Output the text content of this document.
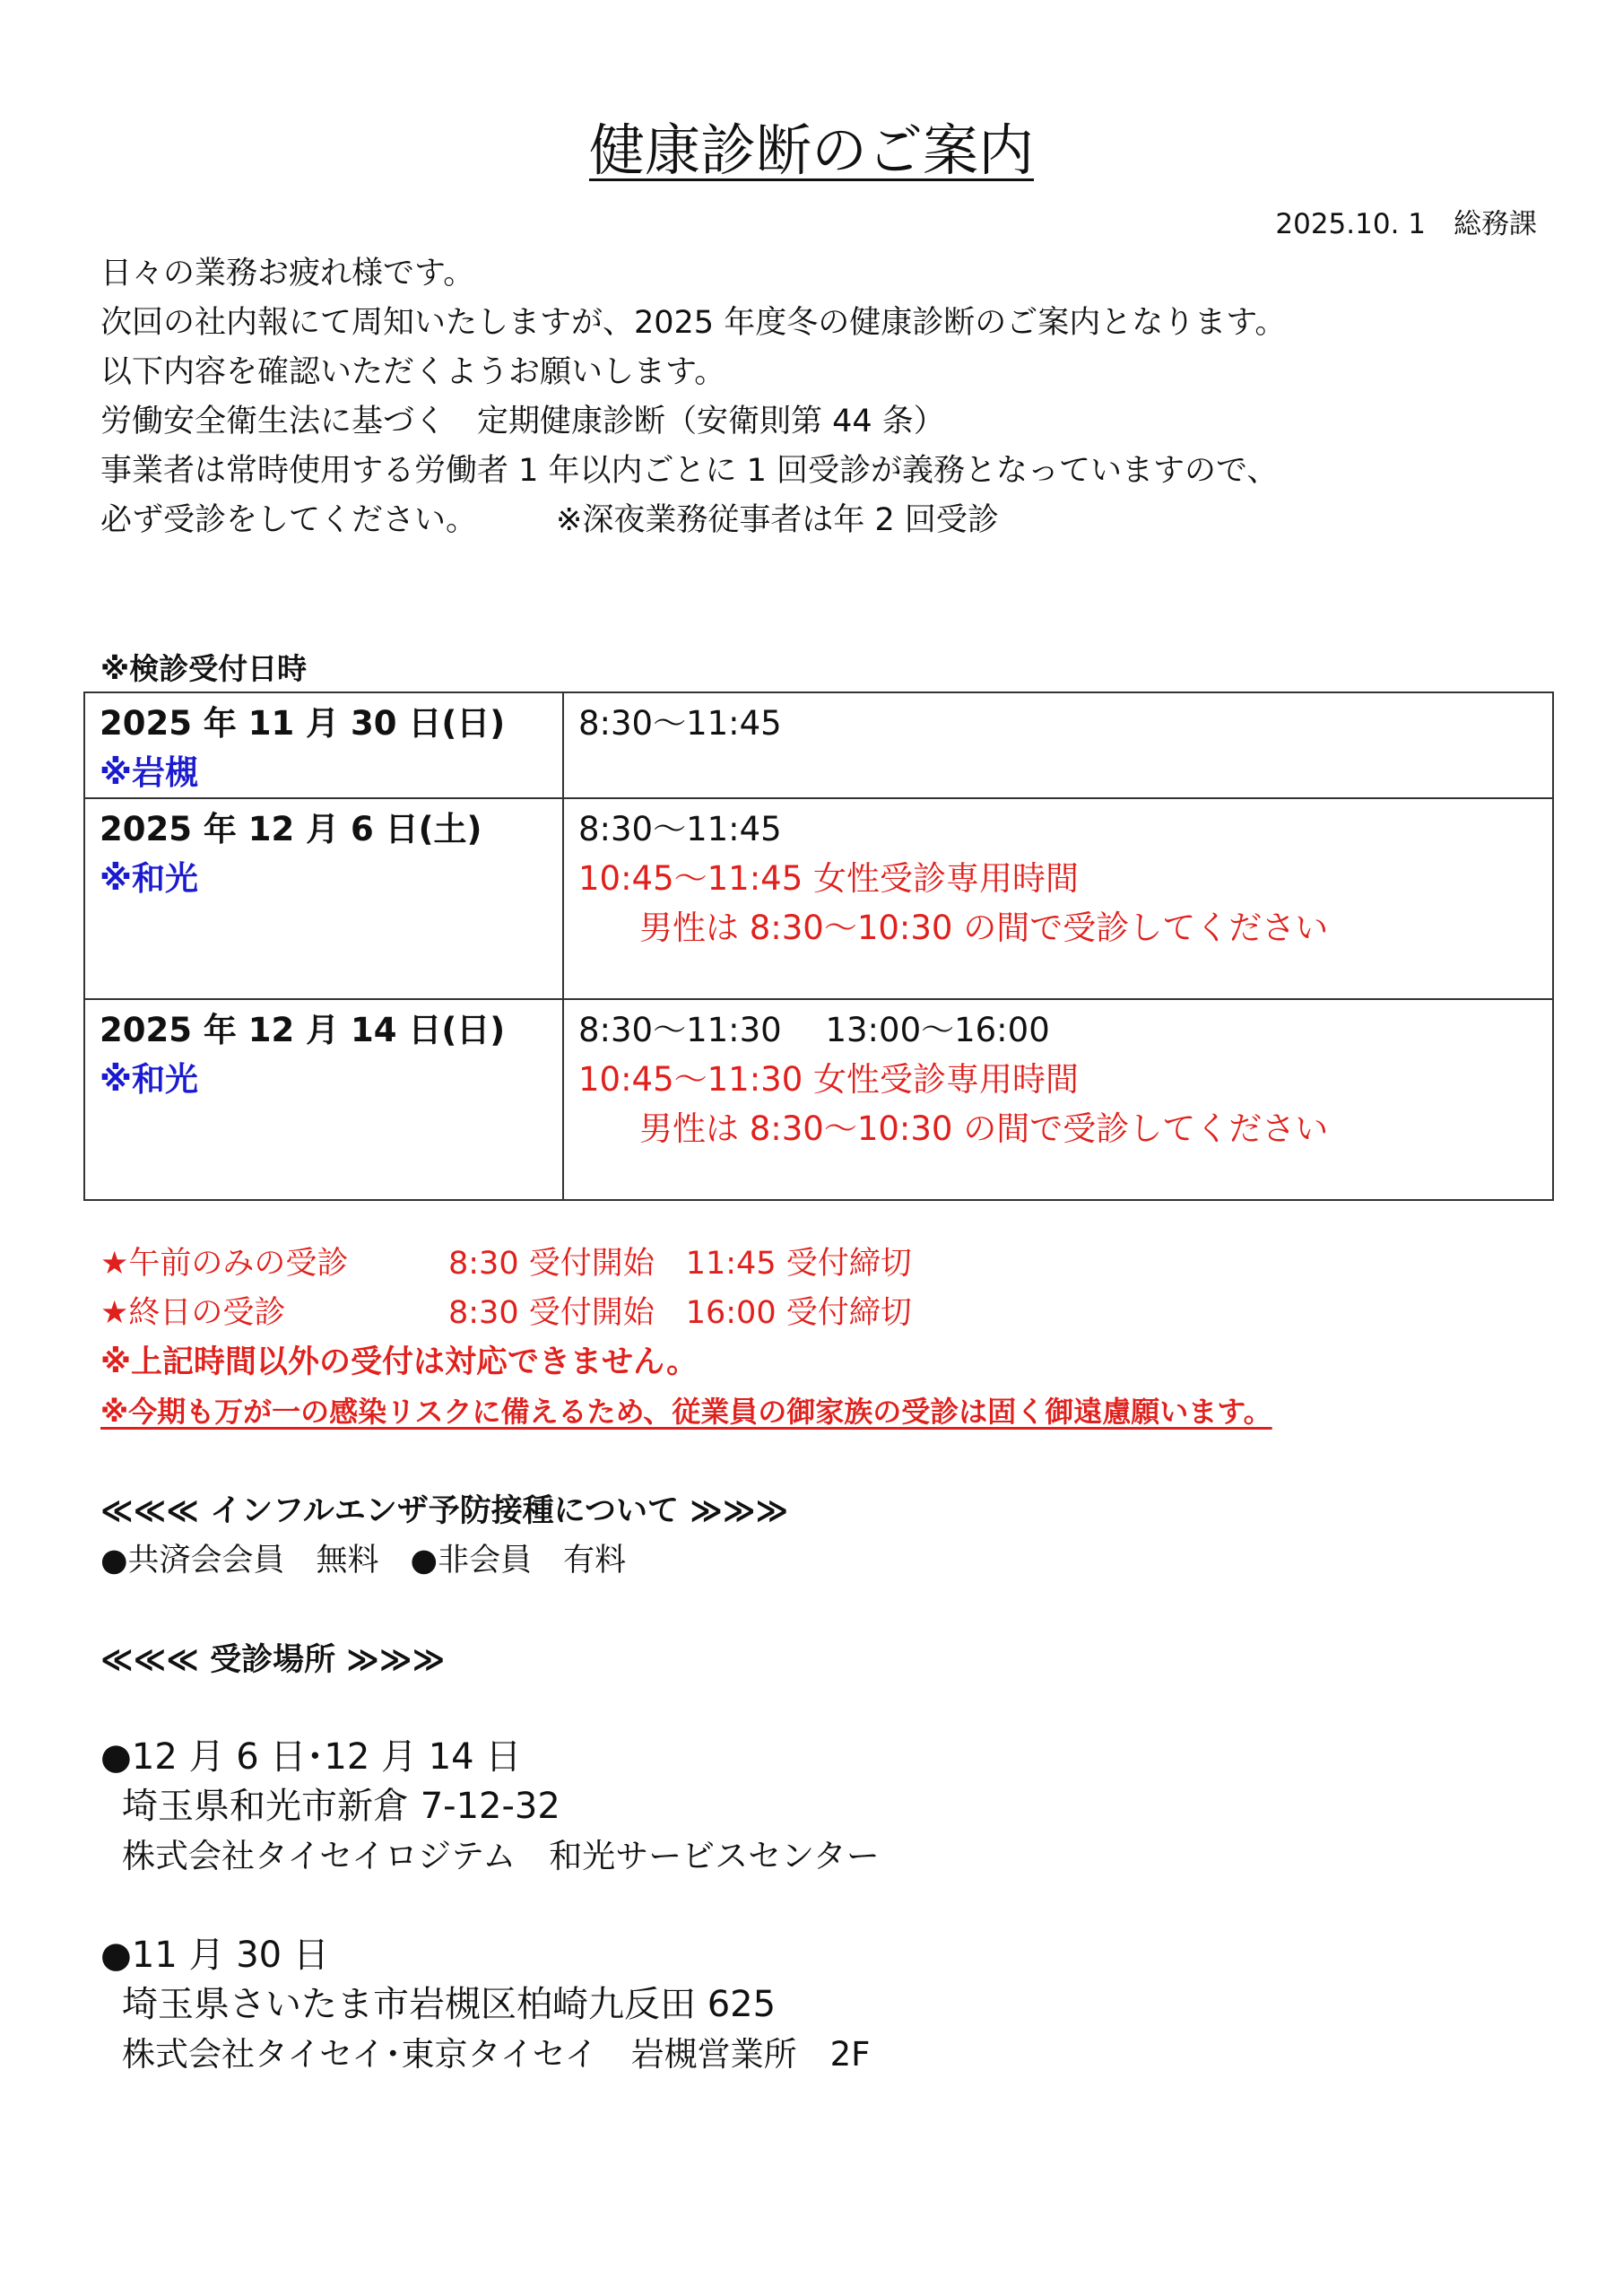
健康診断のご案内
2025.10. 1　総務課
日々の業務お疲れ様です。
次回の社内報にて周知いたしますが、2025 年度冬の健康診断のご案内となります。
以下内容を確認いただくようお願いします。
労働安全衛生法に基づく　定期健康診断（安衛則第 44 条）
事業者は常時使用する労働者 1 年以内ごとに 1 回受診が義務となっていますので、
必ず受診をしてください。	※深夜業務従事者は年 2 回受診
※検診受付日時
2025 年 11 月 30 日(日)
※岩槻	8:30～11:45

2025 年 12 月 6 日(土)
※和光	8:30～11:45
10:45～11:45 女性受診専用時間
男性は 8:30～10:30 の間で受診してください

2025 年 12 月 14 日(日)
※和光	8:30～11:30　 13:00～16:00
10:45～11:30 女性受診専用時間
男性は 8:30～10:30 の間で受診してください
★午前のみの受診	8:30 受付開始　11:45 受付締切
★終日の受診	8:30 受付開始　16:00 受付締切
※上記時間以外の受付は対応できません。
※今期も万が一の感染リスクに備えるため、従業員の御家族の受診は固く御遠慮願います。
≪≪≪ インフルエンザ予防接種について ≫≫≫
●共済会会員　無料　●非会員　有料
≪≪≪ 受診場所 ≫≫≫
●12 月 6 日･12 月 14 日
埼玉県和光市新倉 7-12-32
株式会社タイセイロジテム　和光サービスセンター
●11 月 30 日
埼玉県さいたま市岩槻区柏崎九反田 625
株式会社タイセイ･東京タイセイ　岩槻営業所　2F
